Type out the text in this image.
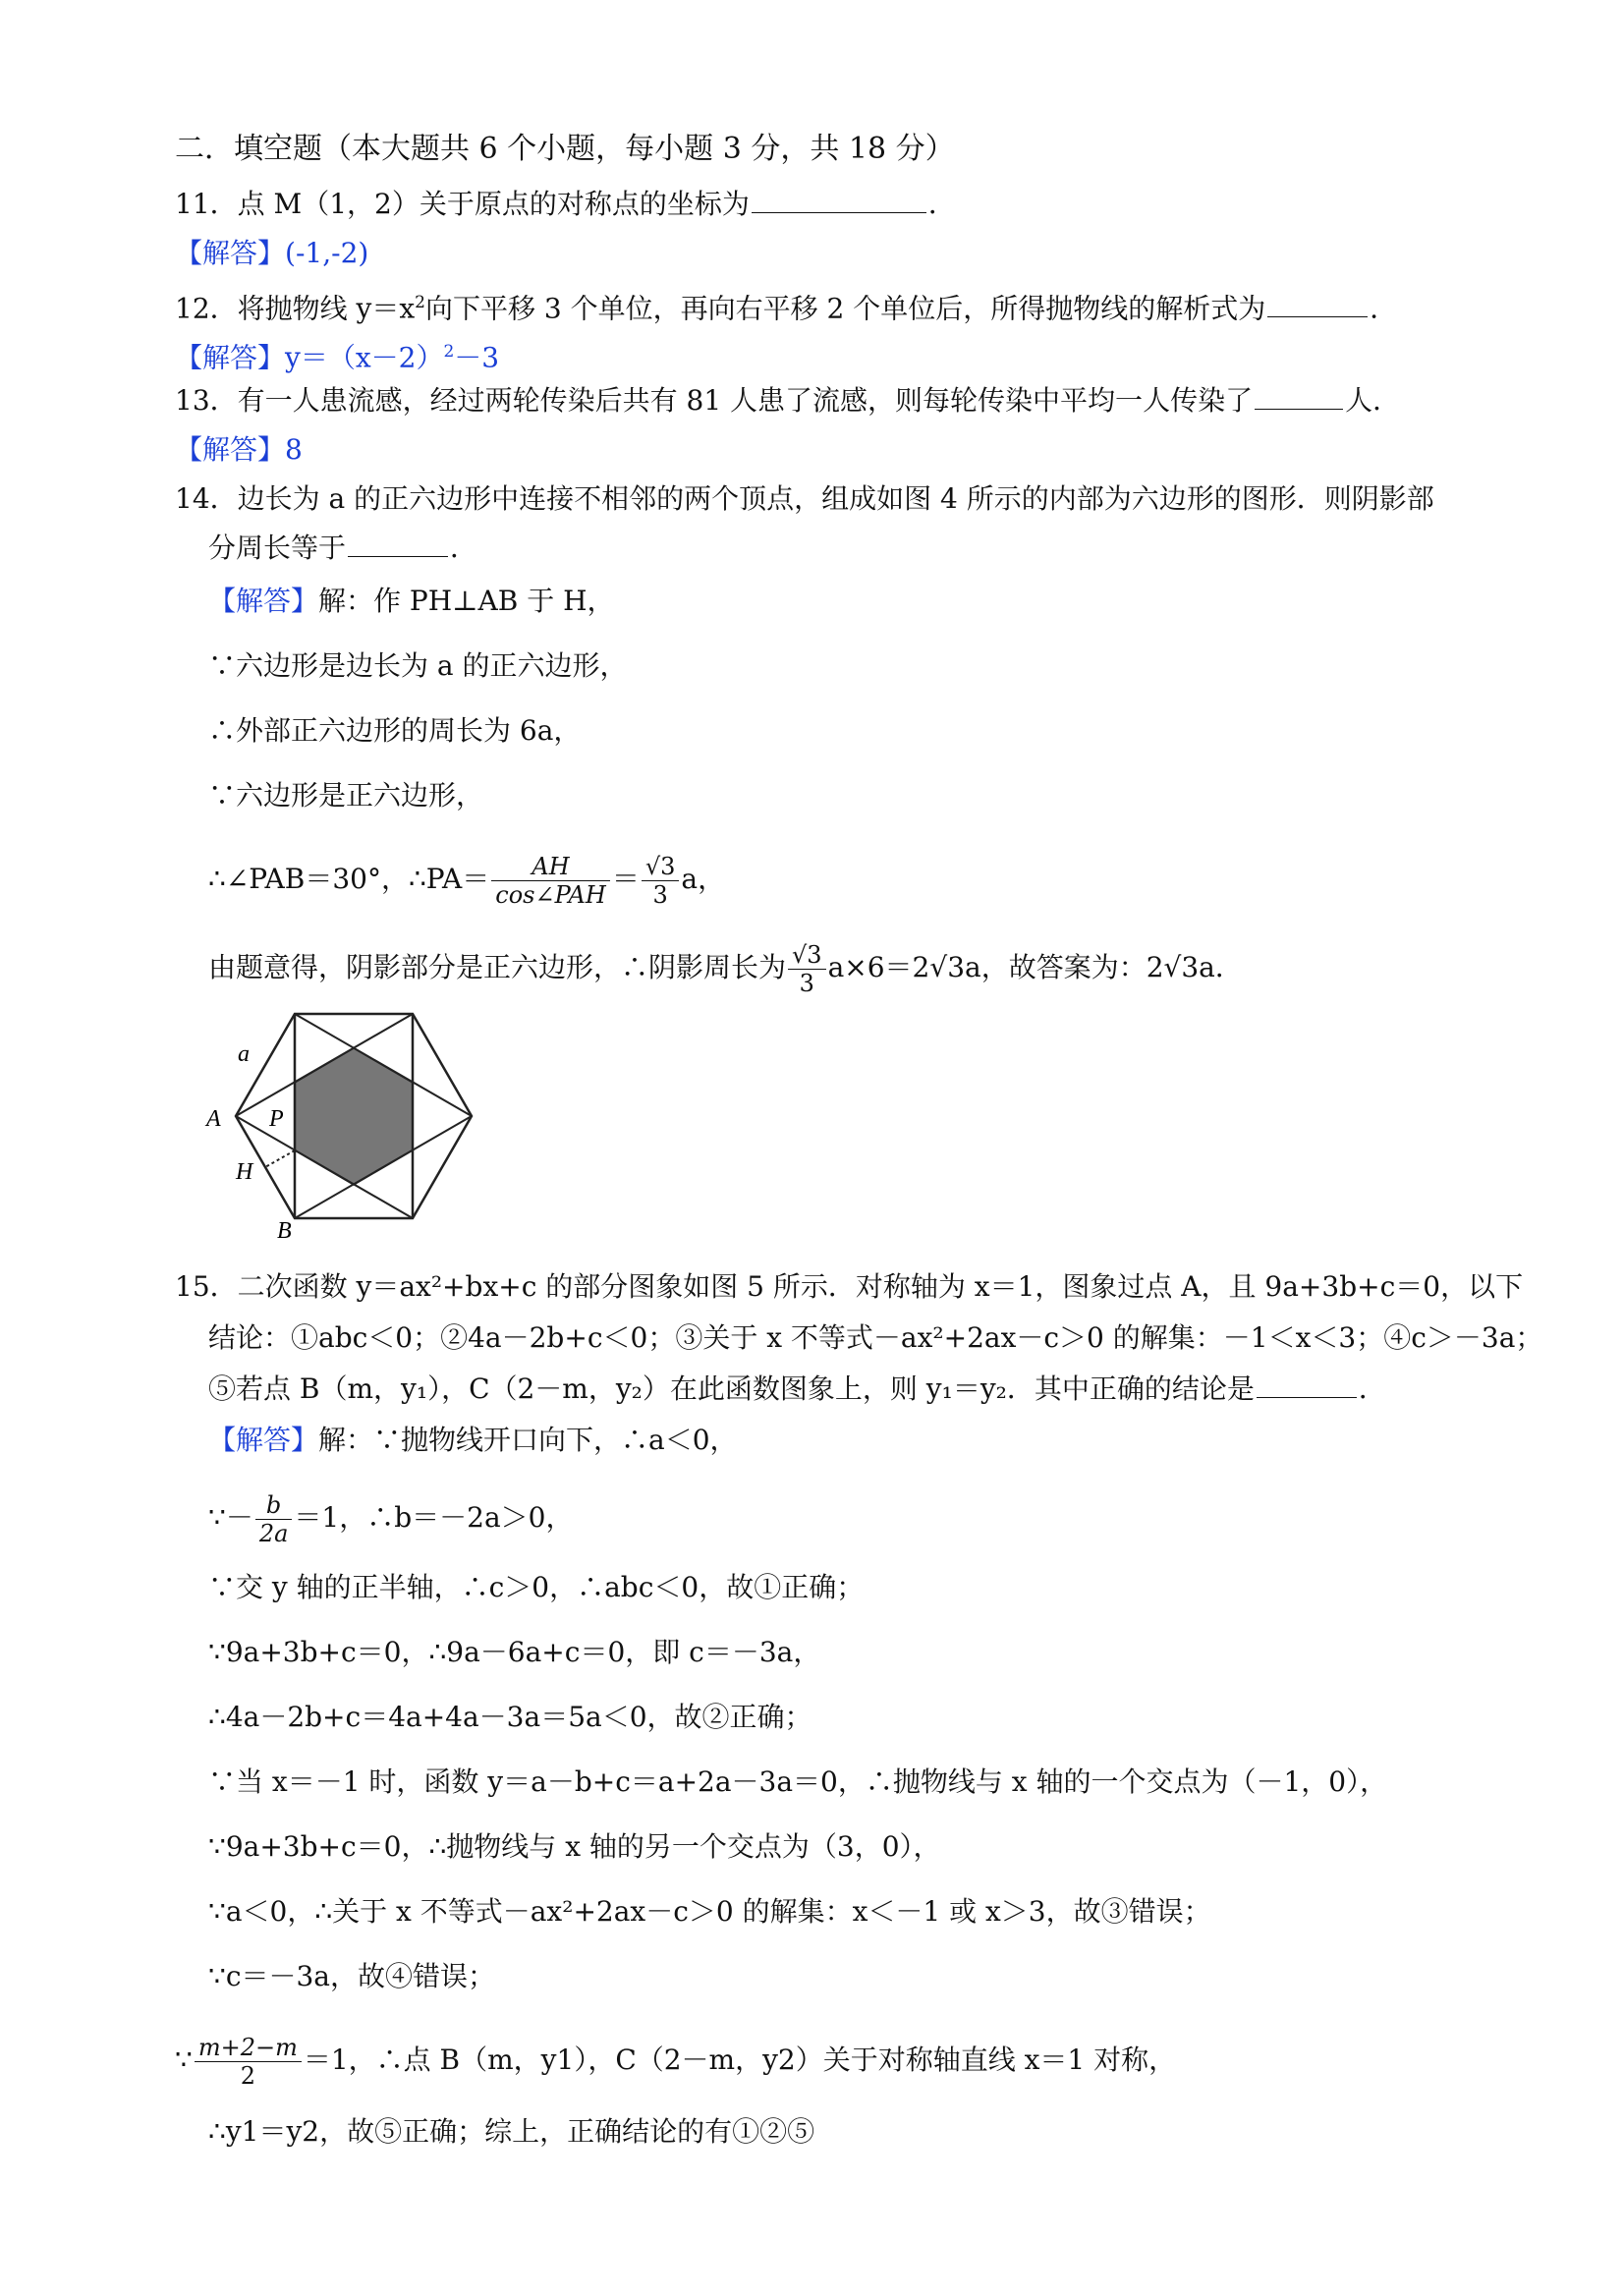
二．填空题（本大题共 6 个小题，每小题 3 分，共 18 分）
11．点 M（1，2）关于原点的对称点的坐标为	．
【解答】(-1,-2)
12．将抛物线 $y=x^2$向下平移 3 个单位，再向右平移 2 个单位后，所得抛物线的解析式为	．
【解答】$y=(x-2)^2-3$
13．有一人患流感，经过两轮传染后共有 81 人患了流感，则每轮传染中平均一人传染了	人．
【解答】8
14．边长为 a 的正六边形中连接不相邻的两个顶点，组成如图 4 所示的内部为六边形的图形．则阴影部
分周长等于	．
【解答】解：作 PH⊥AB 于 H，
∵六边形是边长为 a 的正六边形，
∴外部正六边形的周长为 6a，
∵六边形是正六边形，
∴∠PAB＝30°，∴PA＝ $\frac{AH}{\text{cos∠PAH}} = \frac{√3}{3}$ a，
由题意得，阴影部分是正六边形，∴阴影周长为 $\frac{√3}{3} a\times 6=2√3a$，故答案为：2√3a．
a
A P
H
B
15．二次函数 y＝ax²+bx+c 的部分图象如图 5 所示．对称轴为 x＝1，图象过点 A，且 9a+3b+c＝0，以下
结论：①abc＜0；②4a－2b+c＜0；③关于 x 不等式－ax²+2ax－c＞0 的解集：－1＜x＜3；④c＞－3a；
⑤若点 B（m，y₁），C（2－m，y₂）在此函数图象上，则 y₁＝y₂．其中正确的结论是	．
【解答】解：∵抛物线开口向下，∴a＜0，
∵－ $\frac{b}{2a} =1$，∴b＝－2a＞0，
∵交 y 轴的正半轴，∴c＞0，∴abc＜0，故①正确；
∵9a+3b+c＝0，∴9a－6a+c＝0，即 c＝－3a，
∴4a－2b+c＝4a+4a－3a＝5a＜0，故②正确；
∵当 x＝－1 时，函数 y＝a－b+c＝a+2a－3a＝0，∴抛物线与 x 轴的一个交点为（－1，0），
∵9a+3b+c＝0，∴抛物线与 x 轴的另一个交点为（3，0），
∵a＜0，∴关于 x 不等式－ax²+2ax－c＞0 的解集：x＜－1 或 x＞3，故③错误；
∵c＝－3a，故④错误；
∵ $\frac{m+2-m}{2} =1$，∴点 B（m，y1），C（2－m，y2）关于对称轴直线 x＝1 对称，
∴y1＝y2，故⑤正确；综上，正确结论的有①②⑤
